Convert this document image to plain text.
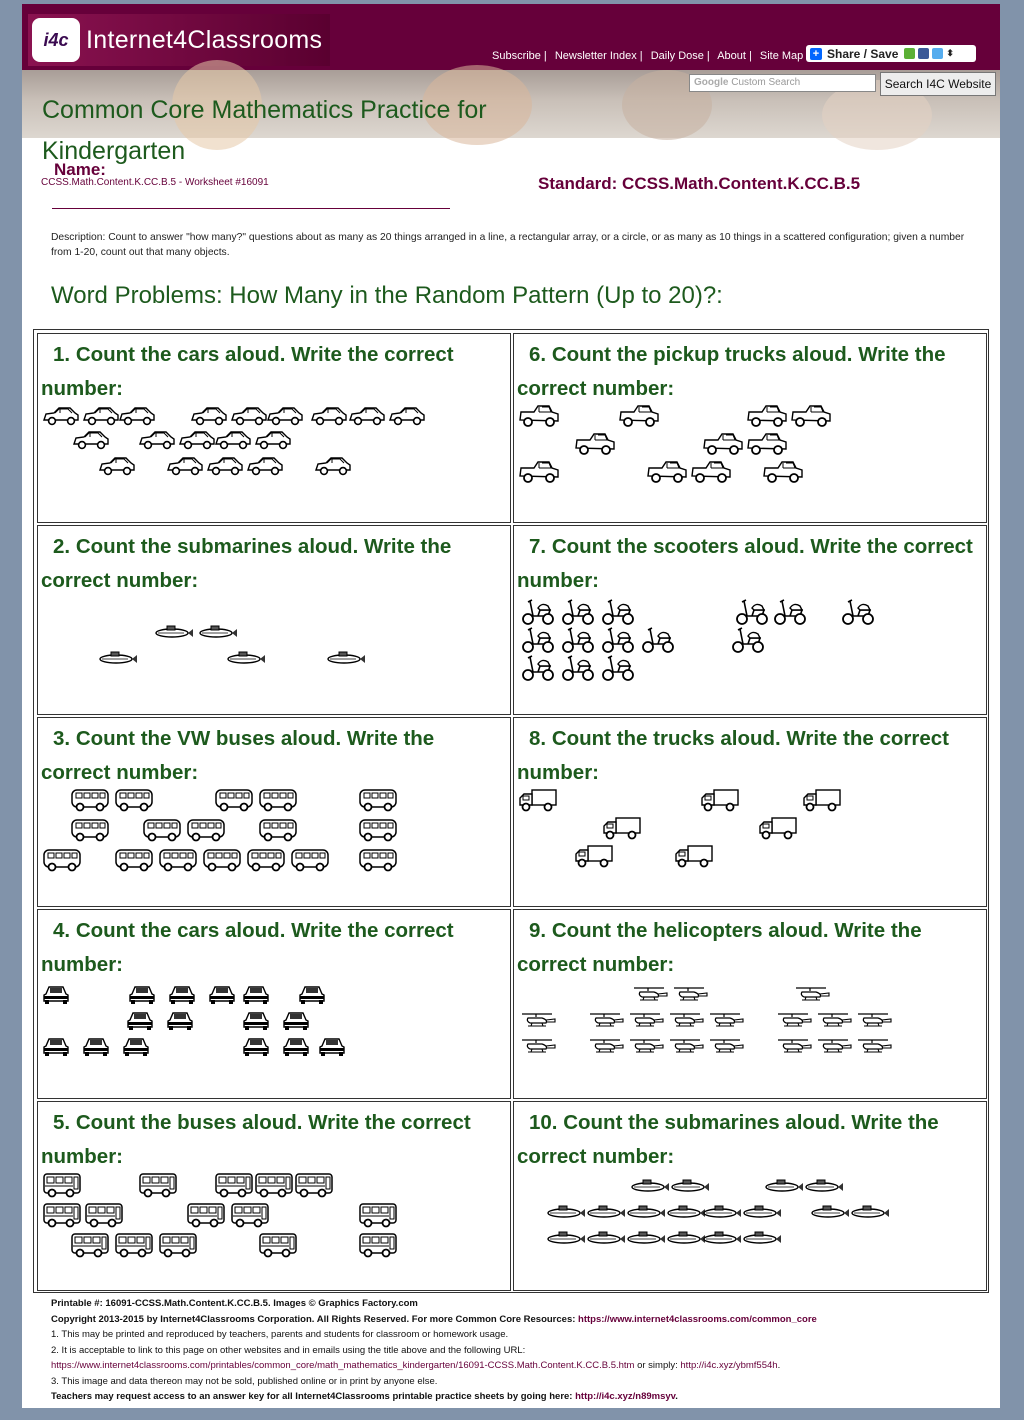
i4c Internet4Classrooms
Subscribe | Newsletter Index | Daily Dose | About | Site Map + Share / Save	⬍
Google Custom Search	Search I4C Website
Common Core Mathematics Practice for Kindergarten
Name:
CCSS.Math.Content.K.CC.B.5 - Worksheet #16091	Standard: CCSS.Math.Content.K.CC.B.5
Description: Count to answer "how many?" questions about as many as 20 things arranged in a line, a rectangular array, or a circle, or as many as 10 things in a scattered configuration; given a number from 1-20, count out that many objects.
Word Problems: How Many in the Random Pattern (Up to 20)?:
1. Count the cars aloud. Write the correct number:
6. Count the pickup trucks aloud. Write the correct number:
2. Count the submarines aloud. Write the correct number:
7. Count the scooters aloud. Write the correct number:
3. Count the VW buses aloud. Write the correct number:
8. Count the trucks aloud. Write the correct number:
4. Count the cars aloud. Write the correct number:
9. Count the helicopters aloud. Write the correct number:
5. Count the buses aloud. Write the correct number:
10. Count the submarines aloud. Write the correct number:
Printable #: 16091-CCSS.Math.Content.K.CC.B.5. Images © Graphics Factory.com
Copyright 2013-2015 by Internet4Classrooms Corporation. All Rights Reserved. For more Common Core Resources: https://www.internet4classrooms.com/common_core
1. This may be printed and reproduced by teachers, parents and students for classroom or homework usage.
2. It is acceptable to link to this page on other websites and in emails using the title above and the following URL:
https://www.internet4classrooms.com/printables/common_core/math_mathematics_kindergarten/16091-CCSS.Math.Content.K.CC.B.5.htm or simply: http://i4c.xyz/ybmf554h.
3. This image and data thereon may not be sold, published online or in print by anyone else.
Teachers may request access to an answer key for all Internet4Classrooms printable practice sheets by going here: http://i4c.xyz/n89msyv.
